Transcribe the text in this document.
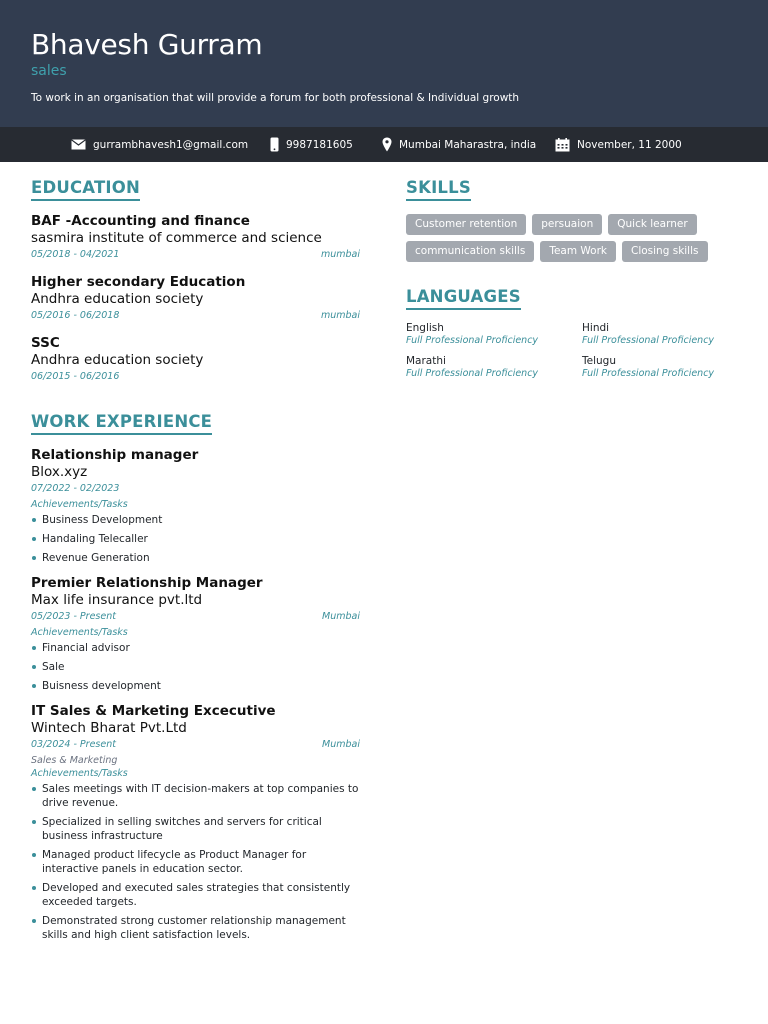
Bhavesh Gurram
sales
To work in an organisation that will provide a forum for both professional & Individual growth
gurrambhavesh1@gmail.com	9987181605	Mumbai Maharastra, india	November, 11 2000
EDUCATION
BAF -Accounting and finance
sasmira institute of commerce and science
05/2018 - 04/2021	mumbai
Higher secondary Education
Andhra education society
05/2016 - 06/2018	mumbai
SSC
Andhra education society
06/2015 - 06/2016
WORK EXPERIENCE
Relationship manager
Blox.xyz
07/2022 - 02/2023
Achievements/Tasks
Business Development
Handaling Telecaller
Revenue Generation
Premier Relationship Manager
Max life insurance pvt.ltd
05/2023 - Present	Mumbai
Achievements/Tasks
Financial advisor
Sale
Buisness development
IT Sales & Marketing Excecutive
Wintech Bharat Pvt.Ltd
03/2024 - Present	Mumbai
Sales & Marketing
Achievements/Tasks
Sales meetings with IT decision-makers at top companies to drive revenue.
Specialized in selling switches and servers for critical business infrastructure
Managed product lifecycle as Product Manager for interactive panels in education sector.
Developed and executed sales strategies that consistently exceeded targets.
Demonstrated strong customer relationship management skills and high client satisfaction levels.
SKILLS
Customer retention	persuaion	Quick learner
communication skills	Team Work	Closing skills
LANGUAGES
English
Full Professional Proficiency
Hindi
Full Professional Proficiency
Marathi
Full Professional Proficiency
Telugu
Full Professional Proficiency
